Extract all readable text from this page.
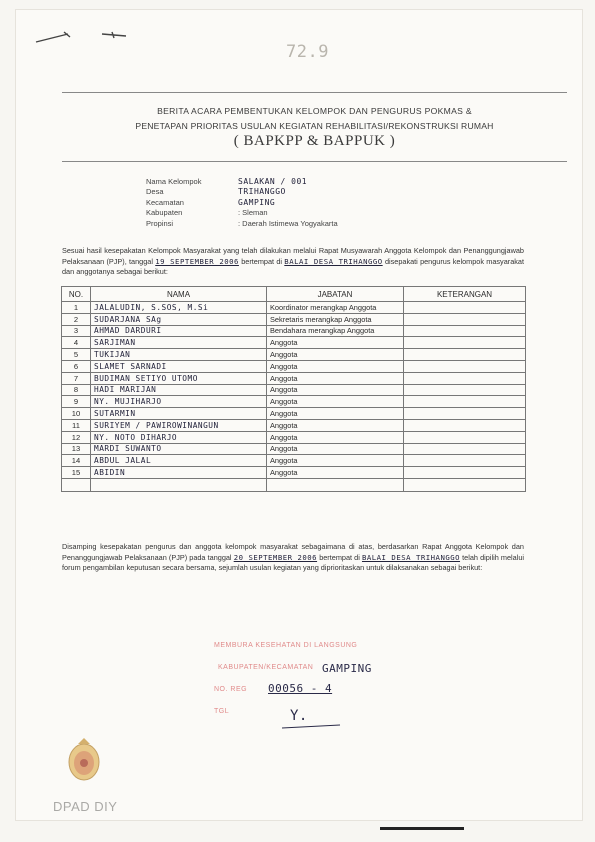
72.9
BERITA ACARA PEMBENTUKAN KELOMPOK DAN PENGURUS POKMAS &
PENETAPAN PRIORITAS USULAN KEGIATAN REHABILITASI/REKONSTRUKSI RUMAH
( BAPKPP & BAPPUK )
Nama Kelompok	SALAKAN / 001
Desa	TRIHANGGO
Kecamatan	GAMPING
Kabupaten	: Sleman
Propinsi	: Daerah Istimewa Yogyakarta
Sesuai hasil kesepakatan Kelompok Masyarakat yang telah dilakukan melalui Rapat Musyawarah Anggota Kelompok dan Penanggungjawab Pelaksanaan (PJP), tanggal 19 SEPTEMBER 2006 bertempat di BALAI DESA TRIHANGGO disepakati pengurus kelompok masyarakat dan anggotanya sebagai berikut:
NO.	NAMA	JABATAN	KETERANGAN
1	JALALUDIN, S.SOS, M.Si	Koordinator merangkap Anggota	
2	SUDARJANA SAg	Sekretaris merangkap Anggota	
3	AHMAD DARDURI	Bendahara merangkap Anggota	
4	SARJIMAN	Anggota	
5	TUKIJAN	Anggota	
6	SLAMET SARNADI	Anggota	
7	BUDIMAN SETIYO UTOMO	Anggota	
8	HADI MARIJAN	Anggota	
9	NY. MUJIHARJO	Anggota	
10	SUTARMIN	Anggota	
11	SURIYEM / PAWIROWINANGUN	Anggota	
12	NY. NOTO DIHARJO	Anggota	
13	MARDI SUWANTO	Anggota	
14	ABDUL JALAL	Anggota	
15	ABIDIN	Anggota	

Disamping kesepakatan pengurus dan anggota kelompok masyarakat sebagaimana di atas, berdasarkan Rapat Anggota Kelompok dan Penanggungjawab Pelaksanaan (PJP) pada tanggal 20 SEPTEMBER 2006 bertempat di BALAI DESA TRIHANGGO telah dipilih melalui forum pengambilan keputusan secara bersama, sejumlah usulan kegiatan yang diprioritaskan untuk dilaksanakan sebagai berikut:
MEMBURA KESEHATAN DI LANGSUNG
KABUPATEN/KECAMATAN GAMPING
NO. REG 00056 - 4
TGL	Y.
DPAD DIY
